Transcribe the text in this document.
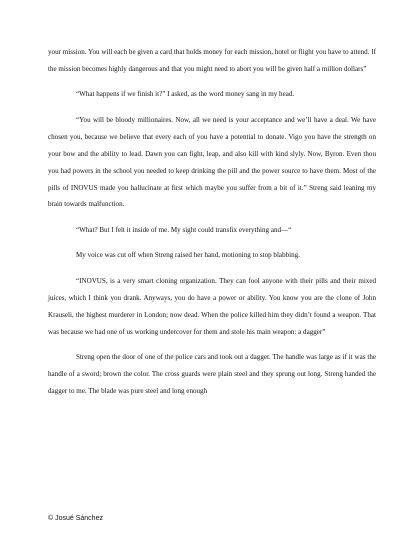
your mission. You will each be given a card that holds money for each mission, hotel or flight you have to attend. If the mission becomes highly dangerous and that you might need to abort you will be given half a million dollars”

“What happens if we finish it?” I asked, as the word money sang in my head.

“You will be bloody millionaires. Now, all we need is your acceptance and we’ll have a deal. We have chosen you, because we believe that every each of you have a potential to donate. Vigo you have the strength on your bow and the ability to lead. Dawn you can fight, leap, and also kill with kind slyly. Now, Byron. Even thou you had powers in the school you needed to keep drinking the pill and the power source to have them. Most of the pills of INOVUS made you hallucinate at first which maybe you suffer from a bit of it.” Streng said leaning my brain towards malfunction.

“What? But I felt it inside of me. My sight could transfix everything and—“

My voice was cut off when Streng raised her hand, motioning to stop blabbing.

“INOVUS, is a very smart cloning organization. They can fool anyone with their pills and their mixed juices, which I think you drank. Anyways, you do have a power or ability. You know you are the clone of John Krauseli, the highest murderer in London; now dead. When the police killed him they didn’t found a weapon. That was because we had one of us working undercover for them and stole his main weapon: a dagger”

Streng open the door of one of the police cars and took out a dagger. The handle was large as if it was the handle of a sword; brown the color. The cross guards were plain steel and they sprung out long. Streng handed the dagger to me. The blade was pure steel and long enough

© Josué Sánchez
